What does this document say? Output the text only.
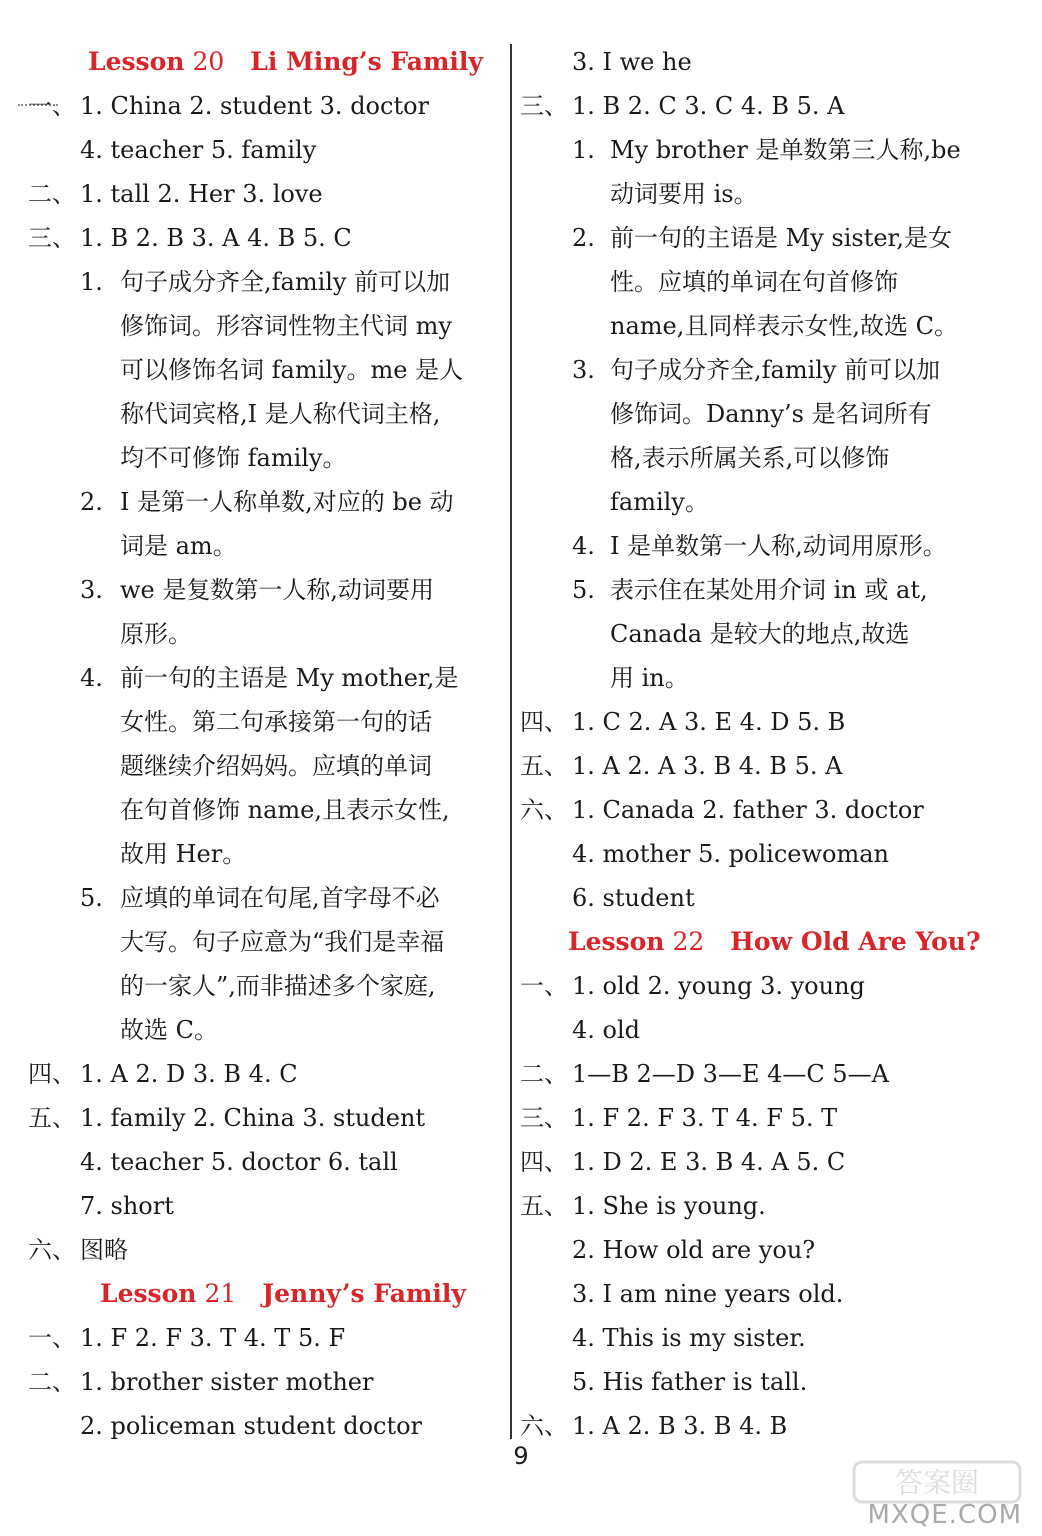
Lesson 20 Li Ming’s Family
一、 1. China 2. student 3. doctor
4. teacher 5. family
二、 1. tall 2. Her 3. love
三、 1. B 2. B 3. A 4. B 5. C
1. 句子成分齐全,family 前可以加
修饰词。形容词性物主代词 my
可以修饰名词 family。me 是人
称代词宾格,I 是人称代词主格,
均不可修饰 family。
2. I 是第一人称单数,对应的 be 动
词是 am。
3. we 是复数第一人称,动词要用
原形。
4. 前一句的主语是 My mother,是
女性。第二句承接第一句的话
题继续介绍妈妈。应填的单词
在句首修饰 name,且表示女性,
故用 Her。
5. 应填的单词在句尾,首字母不必
大写。句子应意为“我们是幸福
的一家人”,而非描述多个家庭,
故选 C。
四、 1. A 2. D 3. B 4. C
五、 1. family 2. China 3. student
4. teacher 5. doctor 6. tall
7. short
六、 图略
Lesson 21 Jenny’s Family
一、 1. F 2. F 3. T 4. T 5. F
二、 1. brother sister mother
2. policeman student doctor
3. I we he
三、 1. B 2. C 3. C 4. B 5. A
1. My brother 是单数第三人称,be
动词要用 is。
2. 前一句的主语是 My sister,是女
性。应填的单词在句首修饰
name,且同样表示女性,故选 C。
3. 句子成分齐全,family 前可以加
修饰词。Danny’s 是名词所有
格,表示所属关系,可以修饰
family。
4. I 是单数第一人称,动词用原形。
5. 表示住在某处用介词 in 或 at,
Canada 是较大的地点,故选
用 in。
四、 1. C 2. A 3. E 4. D 5. B
五、 1. A 2. A 3. B 4. B 5. A
六、 1. Canada 2. father 3. doctor
4. mother 5. policewoman
6. student
Lesson 22 How Old Are You?
一、 1. old 2. young 3. young
4. old
二、 1—B 2—D 3—E 4—C 5—A
三、 1. F 2. F 3. T 4. F 5. T
四、 1. D 2. E 3. B 4. A 5. C
五、 1. She is young.
2. How old are you?
3. I am nine years old.
4. This is my sister.
5. His father is tall.
六、 1. A 2. B 3. B 4. B
9
答案圈
MXQE.COM
